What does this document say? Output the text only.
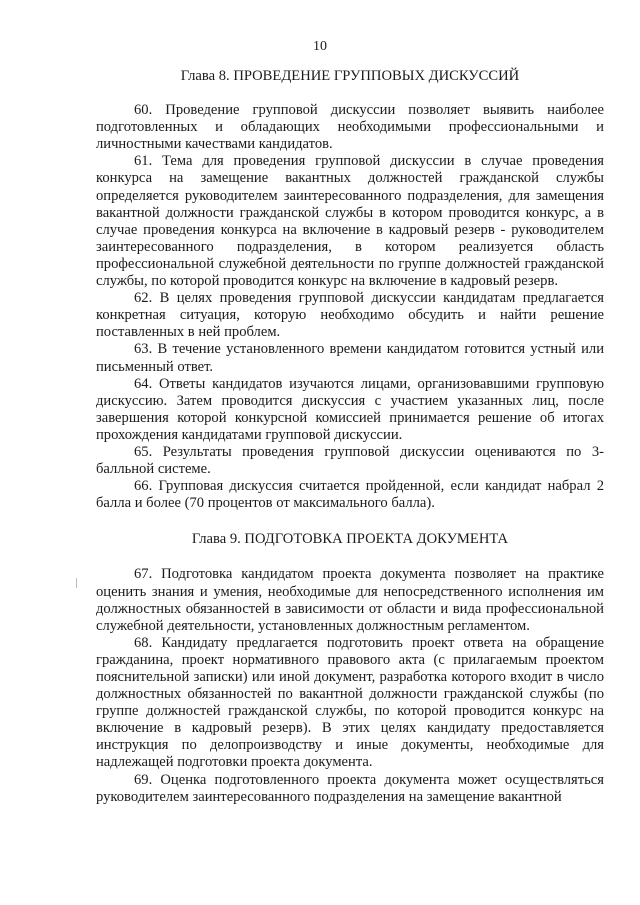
10
Глава 8. ПРОВЕДЕНИЕ ГРУППОВЫХ ДИСКУССИЙ

60. Проведение групповой дискуссии позволяет выявить наиболее подготовленных и обладающих необходимыми профессиональными и личностными качествами кандидатов.

61. Тема для проведения групповой дискуссии в случае проведения конкурса на замещение вакантных должностей гражданской службы определяется руководителем заинтересованного подразделения, для замещения вакантной должности гражданской службы в котором проводится конкурс, а в случае проведения конкурса на включение в кадровый резерв - руководителем заинтересованного подразделения, в котором реализуется область профессиональной служебной деятельности по группе должностей гражданской службы, по которой проводится конкурс на включение в кадровый резерв.

62. В целях проведения групповой дискуссии кандидатам предлагается конкретная ситуация, которую необходимо обсудить и найти решение поставленных в ней проблем.

63. В течение установленного времени кандидатом готовится устный или письменный ответ.

64. Ответы кандидатов изучаются лицами, организовавшими групповую дискуссию. Затем проводится дискуссия с участием указанных лиц, после завершения которой конкурсной комиссией принимается решение об итогах прохождения кандидатами групповой дискуссии.

65. Результаты проведения групповой дискуссии оцениваются по 3-балльной системе.

66. Групповая дискуссия считается пройденной, если кандидат набрал 2 балла и более (70 процентов от максимального балла).

Глава 9. ПОДГОТОВКА ПРОЕКТА ДОКУМЕНТА

67. Подготовка кандидатом проекта документа позволяет на практике оценить знания и умения, необходимые для непосредственного исполнения им должностных обязанностей в зависимости от области и вида профессиональной служебной деятельности, установленных должностным регламентом.

68. Кандидату предлагается подготовить проект ответа на обращение гражданина, проект нормативного правового акта (с прилагаемым проектом пояснительной записки) или иной документ, разработка которого входит в число должностных обязанностей по вакантной должности гражданской службы (по группе должностей гражданской службы, по которой проводится конкурс на включение в кадровый резерв). В этих целях кандидату предоставляется инструкция по делопроизводству и иные документы, необходимые для надлежащей подготовки проекта документа.

69. Оценка подготовленного проекта документа может осуществляться руководителем заинтересованного подразделения на замещение вакантной
